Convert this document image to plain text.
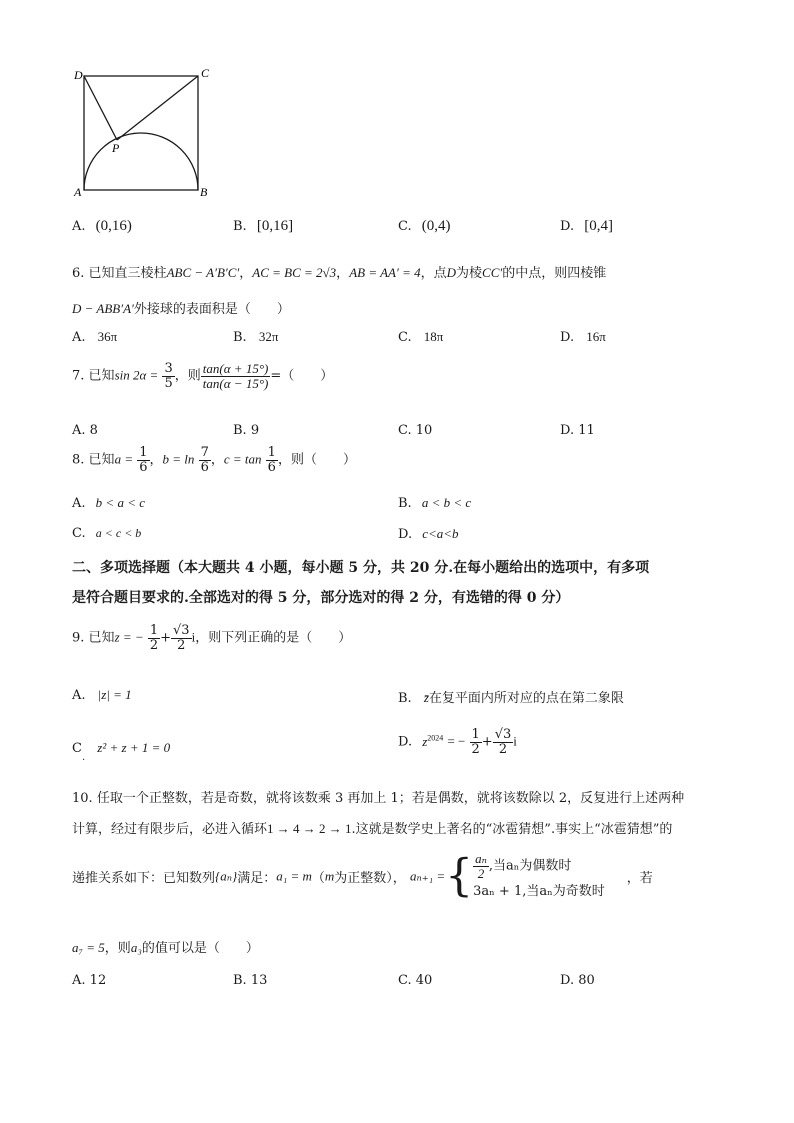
D	C
P
A	B
A. (0,16)	B. [0,16]	C. (0,4)	D. [0,4]
6. 已知直三棱柱ABC − A′B′C′，AC = BC = 2√3，AB = AA′ = 4，点D为棱CC′的中点，则四棱锥
D − ABB′A′外接球的表面积是（　　）
A. 36π	B. 32π	C. 18π	D. 16π
7. 已知$\sin 2\alpha = \frac{3}{5}$ ，则 $\frac{\tan(\alpha + 15^\circ)}{\tan(\alpha - 15^\circ)}$ =（　　）
A. 8	B. 9	C. 10	D. 11
8. 已知$a = \frac{1}{6}$ ，$b = \ln \frac{7}{6}$ ，$c = \tan \frac{1}{6}$ ，则（　　）
A. b < a < c	B. a < b < c
C. a < c < b	D. c<a<b
二、多项选择题（本大题共 4 小题，每小题 5 分，共 20 分.在每小题给出的选项中，有多项
是符合题目要求的.全部选对的得 5 分，部分选对的得 2 分，有选错的得 0 分）
9. 已知z = − $\frac{1}{2} + \frac{√3}{2}$ i，则下列正确的是（　　）
A. |z| = 1	B. z̄在复平面内所对应的点在第二象限
$C_.$ z² + z + 1 = 0	D. $z^{2024}$ = − $\frac{1}{2} + \frac{√3}{2}$ i
10. 任取一个正整数，若是奇数，就将该数乘 3 再加上 1；若是偶数，就将该数除以 2，反复进行上述两种
计算，经过有限步后，必进入循环1 → 4 → 2 → 1.这就是数学史上著名的“冰雹猜想”.事实上“冰雹猜想”的
递推关系如下：已知数列{aₙ}满足：a₁ = m（m为正整数）， aₙ₊₁ ={ $\frac{\text{aₙ}}{2}$ ,当aₙ为偶数时
3aₙ + 1,当aₙ为奇数时
，若
a₇ = 5，则a₃的值可以是（　　）
A. 12	B. 13	C. 40	D. 80
